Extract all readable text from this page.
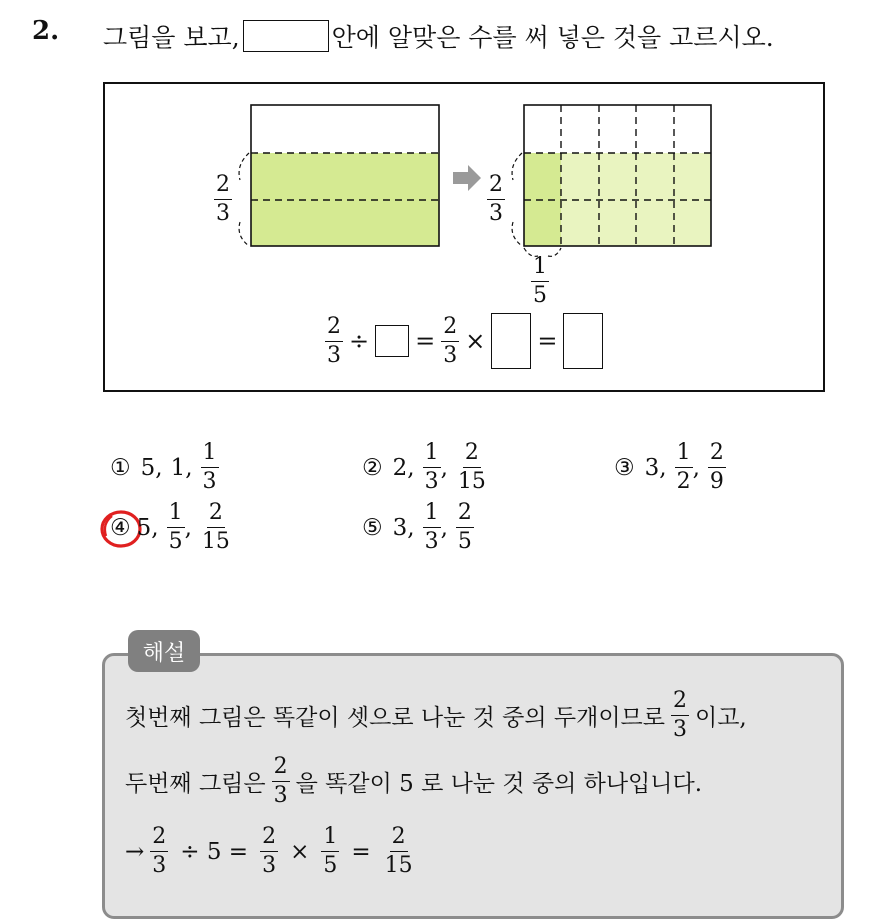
2. 그림을 보고,	안에 알맞은 수를 써 넣은 것을 고르시오.
$\frac{2}{3}$	$\frac{2}{3}$
$\frac{1}{5}$
$\frac{2}{3}$ ÷ = $\frac{2}{3}$ × =
① 5 , 1 , $\frac{1}{3}$	② 2 , $\frac{1}{3}$ , $\frac{2}{15}$	③ 3 , $\frac{1}{2}$ , $\frac{2}{9}$
④ 5 , $\frac{1}{5}$ , $\frac{2}{15}$	⑤ 3 , $\frac{1}{3}$ , $\frac{2}{5}$
해설
첫번째 그림은 똑같이 셋으로 나눈 것 중의 두개이므로 $\frac{2}{3}$ 이고,
두번째 그림은 $\frac{2}{3}$ 을 똑같이 5 로 나눈 것 중의 하나입니다.
→ $\frac{2}{3} \div 5 = \frac{2}{3} \times \frac{1}{5} = \frac{2}{15}$
